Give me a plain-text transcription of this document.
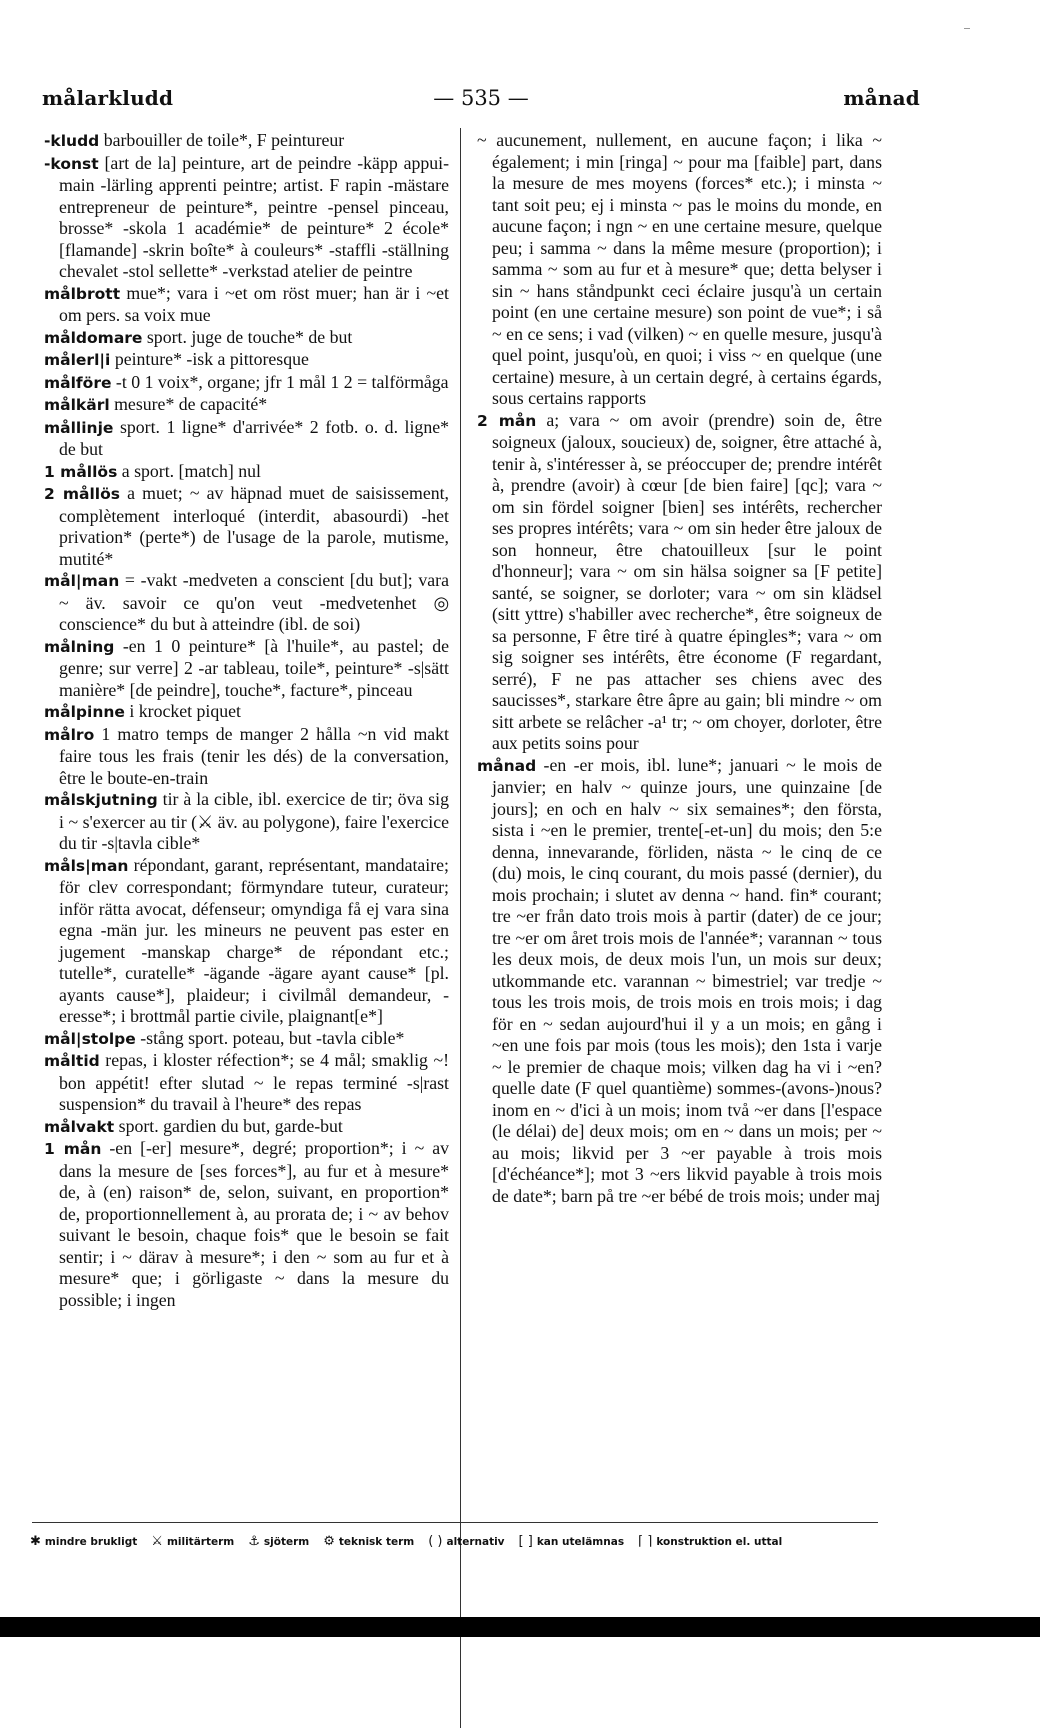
målarkludd	— 535 —	månad

-kludd barbouiller de toile*, F peintureur

-konst [art de la] peinture, art de peindre -käpp appui-main -lärling apprenti peintre; artist. F rapin -mästare entrepreneur de peinture*, peintre -pensel pinceau, brosse* -skola 1 académie* de peinture* 2 école* [flamande] -skrin boîte* à couleurs* -staffli -ställning chevalet -stol sellette* -verkstad atelier de peintre

målbrott mue*; vara i ~et om röst muer; han är i ~et om pers. sa voix mue

måldomare sport. juge de touche* de but

målerl|i peinture* -isk a pittoresque

målföre -t 0 1 voix*, organe; jfr 1 mål 1 2 = talförmåga

målkärl mesure* de capacité*

mållinje sport. 1 ligne* d'arrivée* 2 fotb. o. d. ligne* de but

1 mållös a sport. [match] nul

2 mållös a muet; ~ av häpnad muet de saisissement, complètement interloqué (interdit, abasourdi) -het privation* (perte*) de l'usage de la parole, mutisme, mutité*

mål|man = -vakt -medveten a conscient [du but]; vara ~ äv. savoir ce qu'on veut -medvetenhet ◎ conscience* du but à atteindre (ibl. de soi)

målning -en 1 0 peinture* [à l'huile*, au pastel; de genre; sur verre] 2 -ar tableau, toile*, peinture* -s|sätt manière* [de peindre], touche*, facture*, pinceau

målpinne i krocket piquet

målro 1 matro temps de manger 2 hålla ~n vid makt faire tous les frais (tenir les dés) de la conversation, être le boute-en-train

målskjutning tir à la cible, ibl. exercice de tir; öva sig i ~ s'exercer au tir (⚔ äv. au polygone), faire l'exercice du tir -s|tavla cible*

måls|man répondant, garant, représentant, mandataire; för clev correspondant; förmyndare tuteur, curateur; inför rätta avocat, défenseur; omyndiga få ej vara sina egna -män jur. les mineurs ne peuvent pas ester en jugement -manskap charge* de répondant etc.; tutelle*, curatelle* -ägande -ägare ayant cause* [pl. ayants cause*], plaideur; i civilmål demandeur, -eresse*; i brottmål partie civile, plaignant[e*]

mål|stolpe -stång sport. poteau, but -tavla cible*

måltid repas, i kloster réfection*; se 4 mål; smaklig ~! bon appétit! efter slutad ~ le repas terminé -s|rast suspension* du travail à l'heure* des repas

målvakt sport. gardien du but, garde-but

1 mån -en [-er] mesure*, degré; proportion*; i ~ av dans la mesure de [ses forces*], au fur et à mesure* de, à (en) raison* de, selon, suivant, en proportion* de, proportionnellement à, au prorata de; i ~ av behov suivant le besoin, chaque fois* que le besoin se fait sentir; i ~ därav à mesure*; i den ~ som au fur et à mesure* que; i görligaste ~ dans la mesure du possible; i ingen

~ aucunement, nullement, en aucune façon; i lika ~ également; i min [ringa] ~ pour ma [faible] part, dans la mesure de mes moyens (forces* etc.); i minsta ~ tant soit peu; ej i minsta ~ pas le moins du monde, en aucune façon; i ngn ~ en une certaine mesure, quelque peu; i samma ~ dans la même mesure (proportion); i samma ~ som au fur et à mesure* que; detta belyser i sin ~ hans ståndpunkt ceci éclaire jusqu'à un certain point (en une certaine mesure) son point de vue*; i så ~ en ce sens; i vad (vilken) ~ en quelle mesure, jusqu'à quel point, jusqu'où, en quoi; i viss ~ en quelque (une certaine) mesure, à un certain degré, à certains égards, sous certains rapports

2 mån a; vara ~ om avoir (prendre) soin de, être soigneux (jaloux, soucieux) de, soigner, être attaché à, tenir à, s'intéresser à, se préoccuper de; prendre intérêt à, prendre (avoir) à cœur [de bien faire] [qc]; vara ~ om sin fördel soigner [bien] ses intérêts, rechercher ses propres intérêts; vara ~ om sin heder être jaloux de son honneur, être chatouilleux [sur le point d'honneur]; vara ~ om sin hälsa soigner sa [F petite] santé, se soigner, se dorloter; vara ~ om sin klädsel (sitt yttre) s'habiller avec recherche*, être soigneux de sa personne, F être tiré à quatre épingles*; vara ~ om sig soigner ses intérêts, être économe (F regardant, serré), F ne pas attacher ses chiens avec des saucisses*, starkare être âpre au gain; bli mindre ~ om sitt arbete se relâcher -a¹ tr; ~ om choyer, dorloter, être aux petits soins pour

månad -en -er mois, ibl. lune*; januari ~ le mois de janvier; en halv ~ quinze jours, une quinzaine [de jours]; en och en halv ~ six semaines*; den första, sista i ~en le premier, trente[-et-un] du mois; den 5:e denna, innevarande, förliden, nästa ~ le cinq de ce (du) mois, le cinq courant, du mois passé (dernier), du mois prochain; i slutet av denna ~ hand. fin* courant; tre ~er från dato trois mois à partir (dater) de ce jour; tre ~er om året trois mois de l'année*; varannan ~ tous les deux mois, de deux mois l'un, un mois sur deux; utkommande etc. varannan ~ bimestriel; var tredje ~ tous les trois mois, de trois mois en trois mois; i dag för en ~ sedan aujourd'hui il y a un mois; en gång i ~en une fois par mois (tous les mois); den 1sta i varje ~ le premier de chaque mois; vilken dag ha vi i ~en? quelle date (F quel quantième) sommes-(avons-)nous? inom en ~ d'ici à un mois; inom två ~er dans [l'espace (le délai) de] deux mois; om en ~ dans un mois; per ~ au mois; likvid per 3 ~er payable à trois mois [d'échéance*]; mot 3 ~ers likvid payable à trois mois de date*; barn på tre ~er bébé de trois mois; under maj

✱ mindre brukligt ⚔ militärterm ⚓ sjöterm ⚙ teknisk term ( ) alternativ [ ] kan utelämnas ⌈ ⌉ konstruktion el. uttal
